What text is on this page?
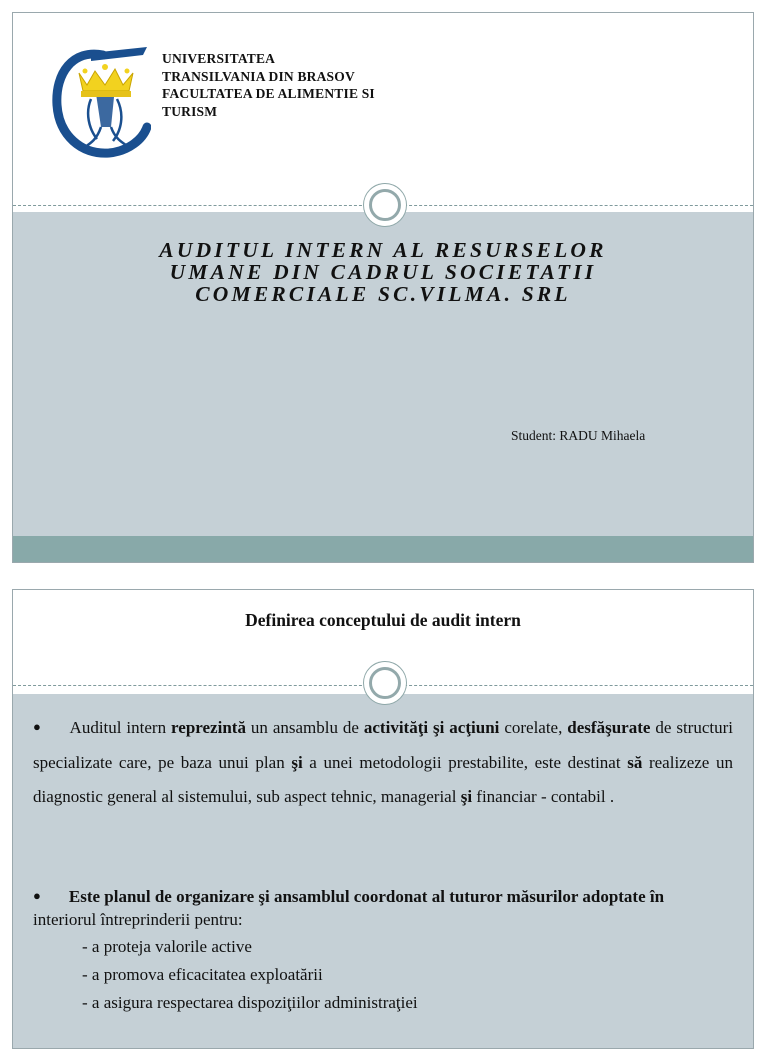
UNIVERSITATEA
TRANSILVANIA DIN BRASOV
FACULTATEA DE ALIMENTIE SI
TURISM
AUDITUL INTERN AL RESURSELOR
UMANE DIN CADRUL SOCIETATII
COMERCIALE SC.VILMA. SRL
Student: RADU Mihaela
Definirea conceptului de audit intern
● Auditul intern reprezintă un ansamblu de activităţi şi acţiuni corelate, desfăşurate de structuri specializate care, pe baza unui plan şi a unei metodologii prestabilite, este destinat să realizeze un diagnostic general al sistemului, sub aspect tehnic, managerial şi financiar - contabil .
● Este planul de organizare şi ansamblul coordonat al tuturor măsurilor adoptate în
interiorul întreprinderii pentru:
- a proteja valorile active
- a promova eficacitatea exploatării
- a asigura respectarea dispoziţiilor administraţiei
